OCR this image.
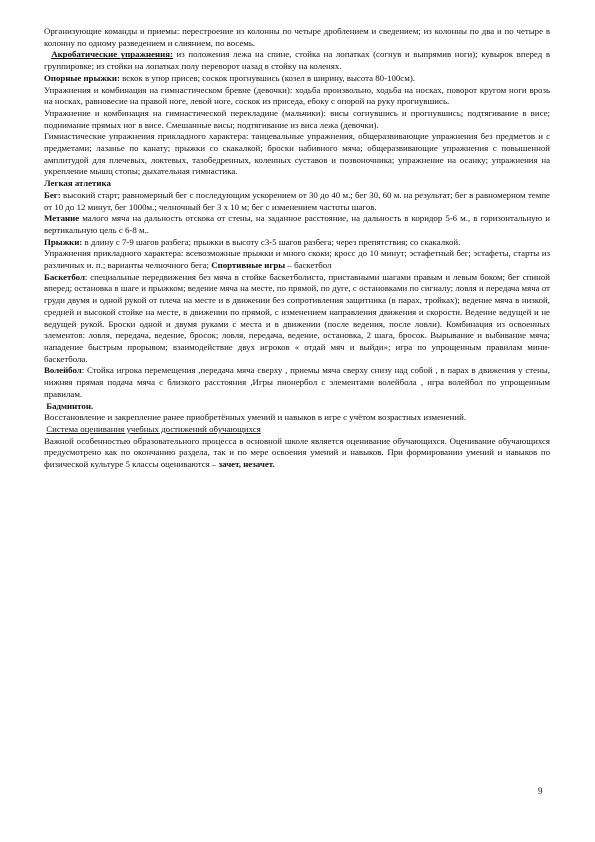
Организующие команды и приемы: перестроение из колонны по четыре дроблением и сведением; из колонны по два и по четыре в колонну по одному разведением и слиянием, по восемь.

Акробатические упражнения: из положения лежа на спине, стойка на лопатках (согнув и выпрямив ноги); кувырок вперед в группировке; из стойки на лопатках полу переворот назад в стойку на коленях.

Опорные прыжки: вскок в упор присев; соскок прогнувшись (козел в ширину, высота 80-100см).

Упражнения и комбинация на гимнастическом бревне (девочки): ходьба произвольно, ходьба на носках, поворот кругом ноги врозь на носках, равновесие на правой ноге, левой ноге, соскок из приседа, ебоку с опорой на руку прогнувшись.

Упражнение и комбинация на гимнастической перекладине (мальчики): висы согнувшись и прогнувшись; подтягивание в висе; поднимание прямых ног в висе. Смешанные висы; подтягивание из виса лежа (девочки).

Гимнастические упражнения прикладного характера: танцевальные упражнения, общеразвивающие упражнения без предметов и с предметами; лазанье по канату; прыжки со скакалкой; броски набивного мяча; общеразвивающие упражнения с повышенной амплитудой для плечевых, локтевых, тазобедренных, коленных суставов и позвоночника; упражнение на осанку; упражнения на укрепление мышц стопы; дыхательная гимнастика.

Легкая атлетика

Бег: высокий старт; равномерный бег с последующим ускорением от 30 до 40 м.; бег 30, 60 м. на результат; бег в равномерном темпе от 10 до 12 минут, бег 1000м.; челночный бег 3 х 10 м; бег с изменением частоты шагов.

Метание малого мяча на дальность отскока от стены, на заданное расстояние, на дальность в коридор 5-6 м., в горизонтальную и вертикальную цель с 6-8 м..

Прыжки: в длину с 7-9 шагов разбега; прыжки в высоту с3-5 шагов разбега; через препятствия; со скакалкой.

Упражнения прикладного характера: всевозможные прыжки и много скоки; кросс до 10 минут; эстафетный бег; эстафеты, старты из различных и. п.; варианты челночного бега; Спортивные игры – баскетбол

Баскетбол: специальные передвижения без мяча в стойке баскетболиста, приставными шагами правым и левым боком; бег спиной вперед; остановка в шаге и прыжком; ведение мяча на месте, по прямой, по дуге, с остановками по сигналу; ловля и передача мяча от груди двумя и одной рукой от плеча на месте и в движении без сопротивления защитника (в парах, тройках); ведение мяча в низкой, средней и высокой стойке на месте, в движении по прямой, с изменением направления движения и скорости. Ведение ведущей и не ведущей рукой. Броски одной и двумя руками с места и в движении (после ведения, после ловли). Комбинация из освоенных элементов: ловля, передача, ведение, бросок; ловля, передача, ведение, остановка, 2 шага, бросок. Вырывание и выбивание мяча; нападение быстрым прорывом; взаимодействие двух игроков « отдай мяч и выйди»; игра по упрощенным правилам мини-баскетбола.

Волейбол: Стойка игрока перемещения ,передача мяча сверху , приемы мяча сверху снизу над собой , в парах в движения у стены, нижняя прямая подача мяча с близкого расстояния ,Игры пионербол с элементами волейбола , игра волейбол по упрощенным правилам.

Бадминтон.

Восстановление и закрепление ранее приобретённых умений и навыков в игре с учётом возрастных изменений.

Система оценивания учебных достижений обучающихся

Важной особенностью образовательного процесса в основной школе является оценивание обучающихся. Оценивание обучающихся предусмотрено как по окончанию раздела, так и по мере освоения умений и навыков. При формировании умений и навыков по физической культуре 5 классы оцениваются – зачет, незачет.

9
